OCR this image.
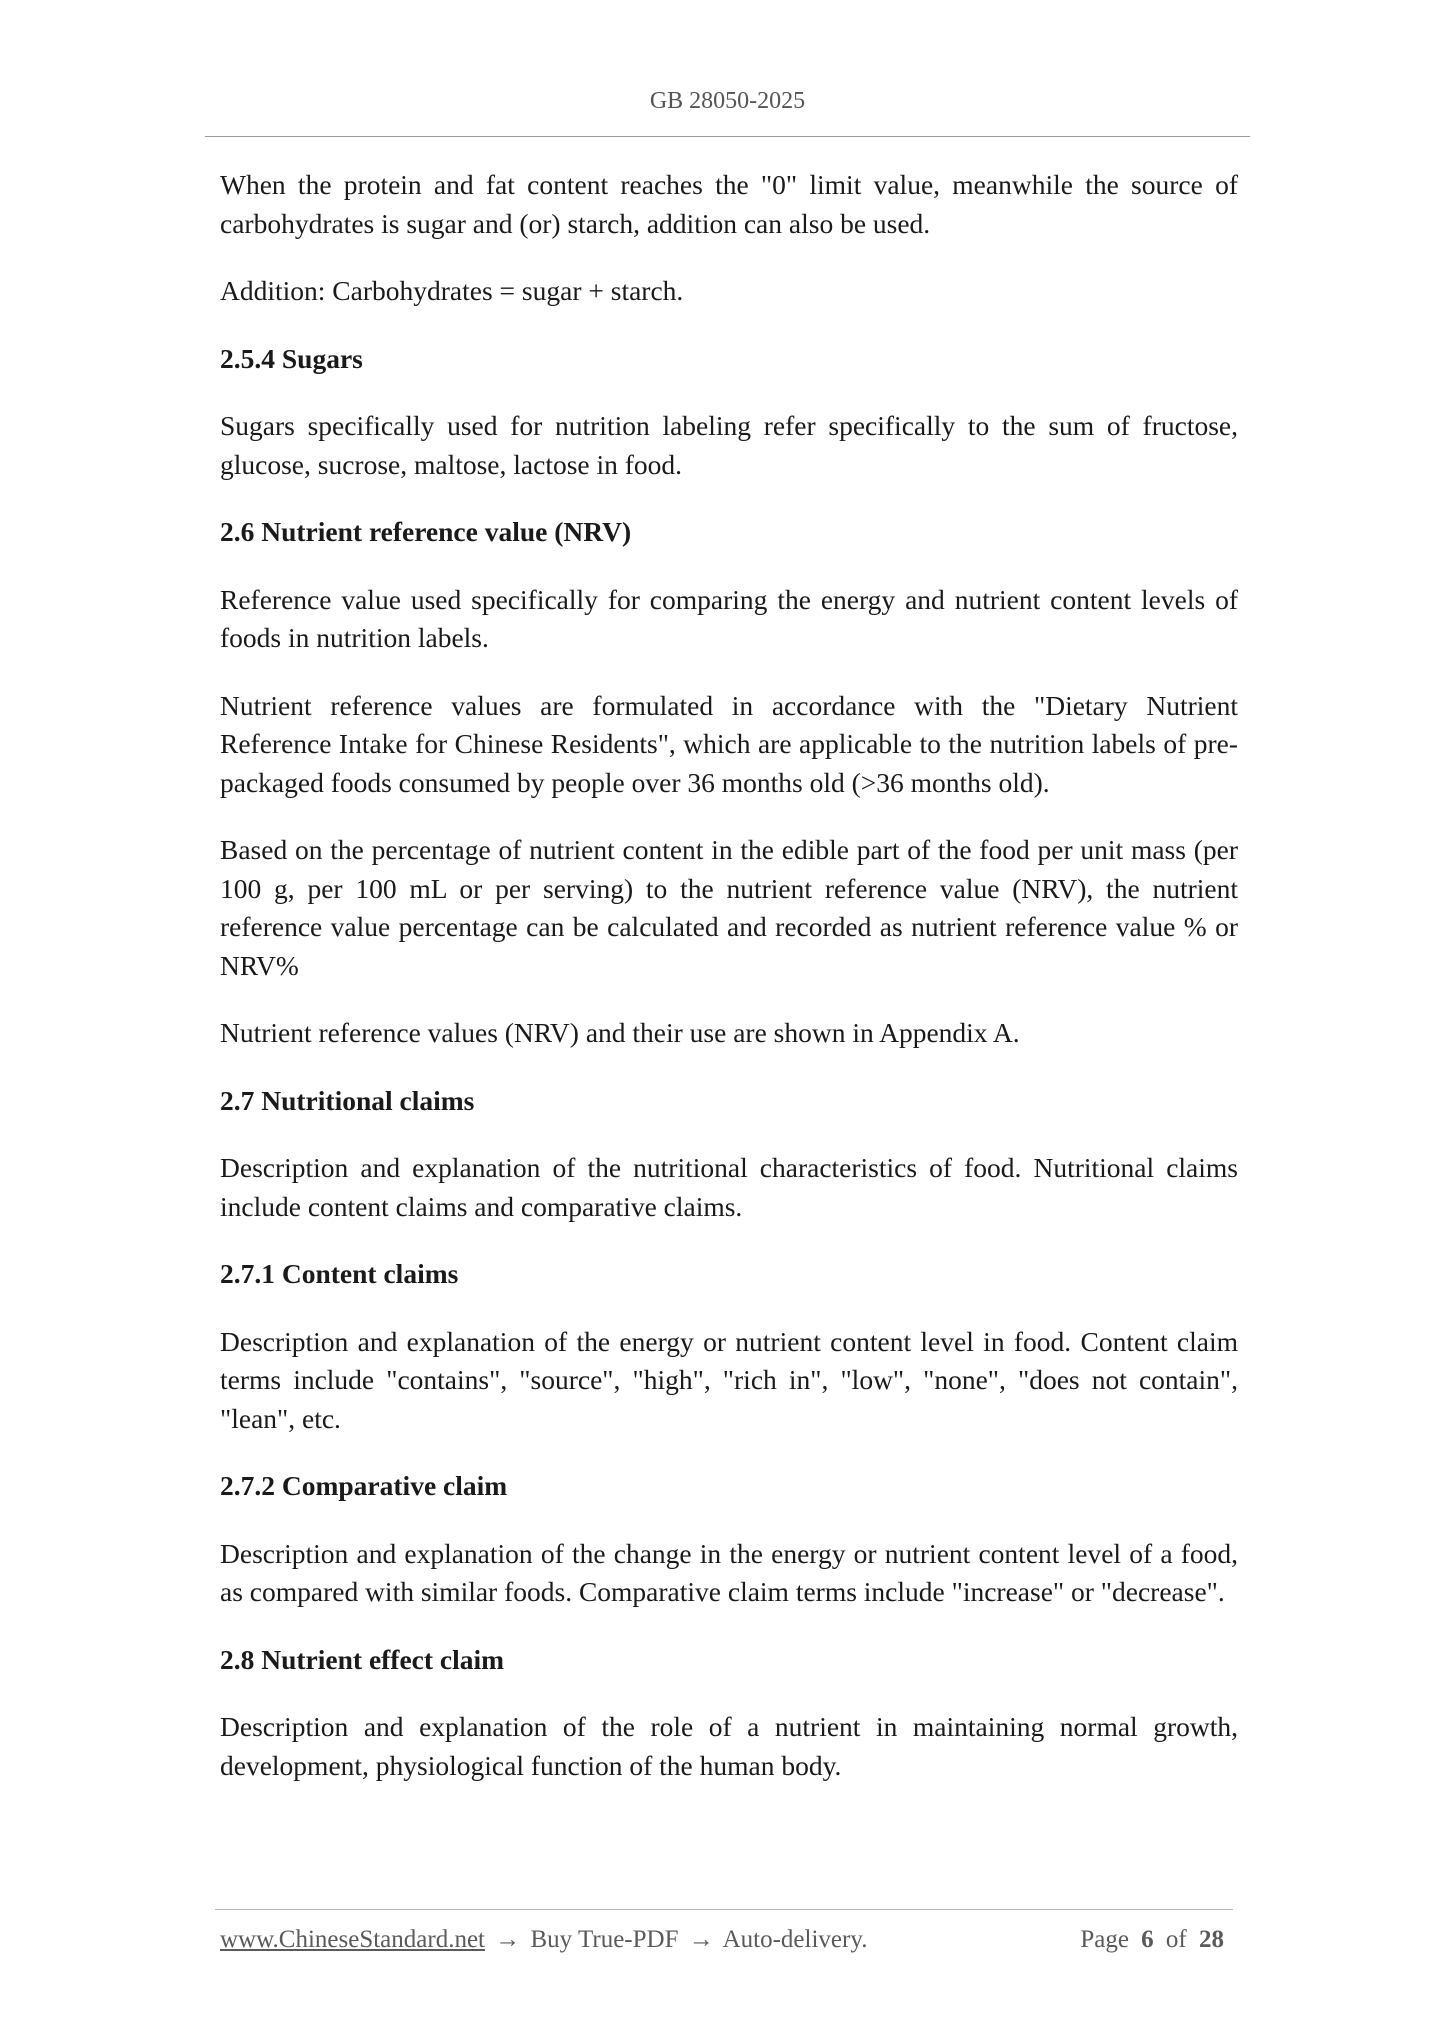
GB 28050-2025

When the protein and fat content reaches the "0" limit value, meanwhile the source of carbohydrates is sugar and (or) starch, addition can also be used.

Addition: Carbohydrates = sugar + starch.

2.5.4 Sugars

Sugars specifically used for nutrition labeling refer specifically to the sum of fructose, glucose, sucrose, maltose, lactose in food.

2.6 Nutrient reference value (NRV)

Reference value used specifically for comparing the energy and nutrient content levels of foods in nutrition labels.

Nutrient reference values are formulated in accordance with the "Dietary Nutrient Reference Intake for Chinese Residents", which are applicable to the nutrition labels of pre-packaged foods consumed by people over 36 months old (>36 months old).

Based on the percentage of nutrient content in the edible part of the food per unit mass (per 100 g, per 100 mL or per serving) to the nutrient reference value (NRV), the nutrient reference value percentage can be calculated and recorded as nutrient reference value % or NRV%

Nutrient reference values (NRV) and their use are shown in Appendix A.

2.7 Nutritional claims

Description and explanation of the nutritional characteristics of food. Nutritional claims include content claims and comparative claims.

2.7.1 Content claims

Description and explanation of the energy or nutrient content level in food. Content claim terms include "contains", "source", "high", "rich in", "low", "none", "does not contain", "lean", etc.

2.7.2 Comparative claim

Description and explanation of the change in the energy or nutrient content level of a food, as compared with similar foods. Comparative claim terms include "increase" or "decrease".

2.8 Nutrient effect claim

Description and explanation of the role of a nutrient in maintaining normal growth, development, physiological function of the human body.

www.ChineseStandard.net → Buy True-PDF → Auto-delivery.	Page 6 of 28
